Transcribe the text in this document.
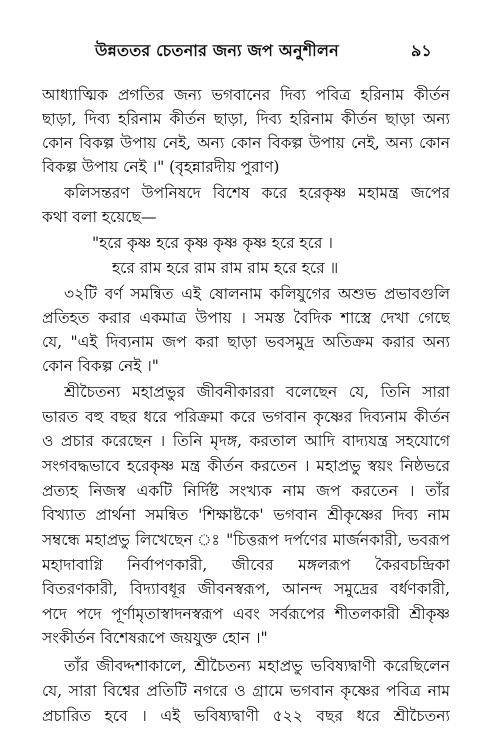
উন্নততর চেতনার জন্য জপ অনুশীলন	৯১
আধ্যাত্মিক প্রগতির জন্য ভগবানের দিব্য পবিত্র হরিনাম কীর্তন
ছাড়া, দিব্য হরিনাম কীর্তন ছাড়া, দিব্য হরিনাম কীর্তন ছাড়া অন্য
কোন বিকল্প উপায় নেই, অন্য কোন বিকল্প উপায় নেই, অন্য কোন
বিকল্প উপায় নেই ।" (বৃহন্নারদীয় পুরাণ)
কলিসন্তরণ উপনিষদে বিশেষ করে হরেকৃষ্ণ মহামন্ত্র জপের
কথা বলা হয়েছে—
"হরে কৃষ্ণ হরে কৃষ্ণ কৃষ্ণ কৃষ্ণ হরে হরে ।
হরে রাম হরে রাম রাম রাম হরে হরে ॥
৩২টি বর্ণ সমন্বিত এই ষোলনাম কলিযুগের অশুভ প্রভাবগুলি
প্রতিহত করার একমাত্র উপায় । সমস্ত বৈদিক শাস্ত্রে দেখা গেছে
যে, "এই দিব্যনাম জপ করা ছাড়া ভবসমুদ্র অতিক্রম করার অন্য
কোন বিকল্প নেই ।"
শ্রীচৈতন্য মহাপ্রভুর জীবনীকাররা বলেছেন যে, তিনি সারা
ভারত বহু বছর ধরে পরিক্রমা করে ভগবান কৃষ্ণের দিব্যনাম কীর্তন
ও প্রচার করেছেন । তিনি মৃদঙ্গ, করতাল আদি বাদ্যযন্ত্র সহযোগে
সংগবদ্ধভাবে হরেকৃষ্ণ মন্ত্র কীর্তন করতেন । মহাপ্রভু স্বয়ং নিষ্ঠভরে
প্রত্যহ নিজস্ব একটি নির্দিষ্ট সংখ্যক নাম জপ করতেন । তাঁর
বিখ্যাত প্রার্থনা সমন্বিত 'শিক্ষাষ্টকে' ভগবান শ্রীকৃষ্ণের দিব্য নাম
সম্বন্ধে মহাপ্রভু লিখেছেন ঃ "চিত্তরূপ দর্পণের মার্জনকারী, ভবরূপ
মহাদাবাগ্নি নির্বাপণকারী, জীবের মঙ্গলরূপ কৈরবচন্দ্রিকা
বিতরণকারী, বিদ্যাবধূর জীবনস্বরূপ, আনন্দ সমুদ্রের বর্ধণকারী,
পদে পদে পূর্ণামৃতাস্বাদনস্বরূপ এবং সর্বরূপের শীতলকারী শ্রীকৃষ্ণ
সংকীর্তন বিশেষরূপে জয়যুক্ত হোন ।"
তাঁর জীবদ্দশাকালে, শ্রীচৈতন্য মহাপ্রভু ভবিষ্যদ্বাণী করেছিলেন
যে, সারা বিশ্বের প্রতিটি নগরে ও গ্রামে ভগবান কৃষ্ণের পবিত্র নাম
প্রচারিত হবে । এই ভবিষ্যদ্বাণী ৫২২ বছর ধরে শ্রীচৈতন্য
